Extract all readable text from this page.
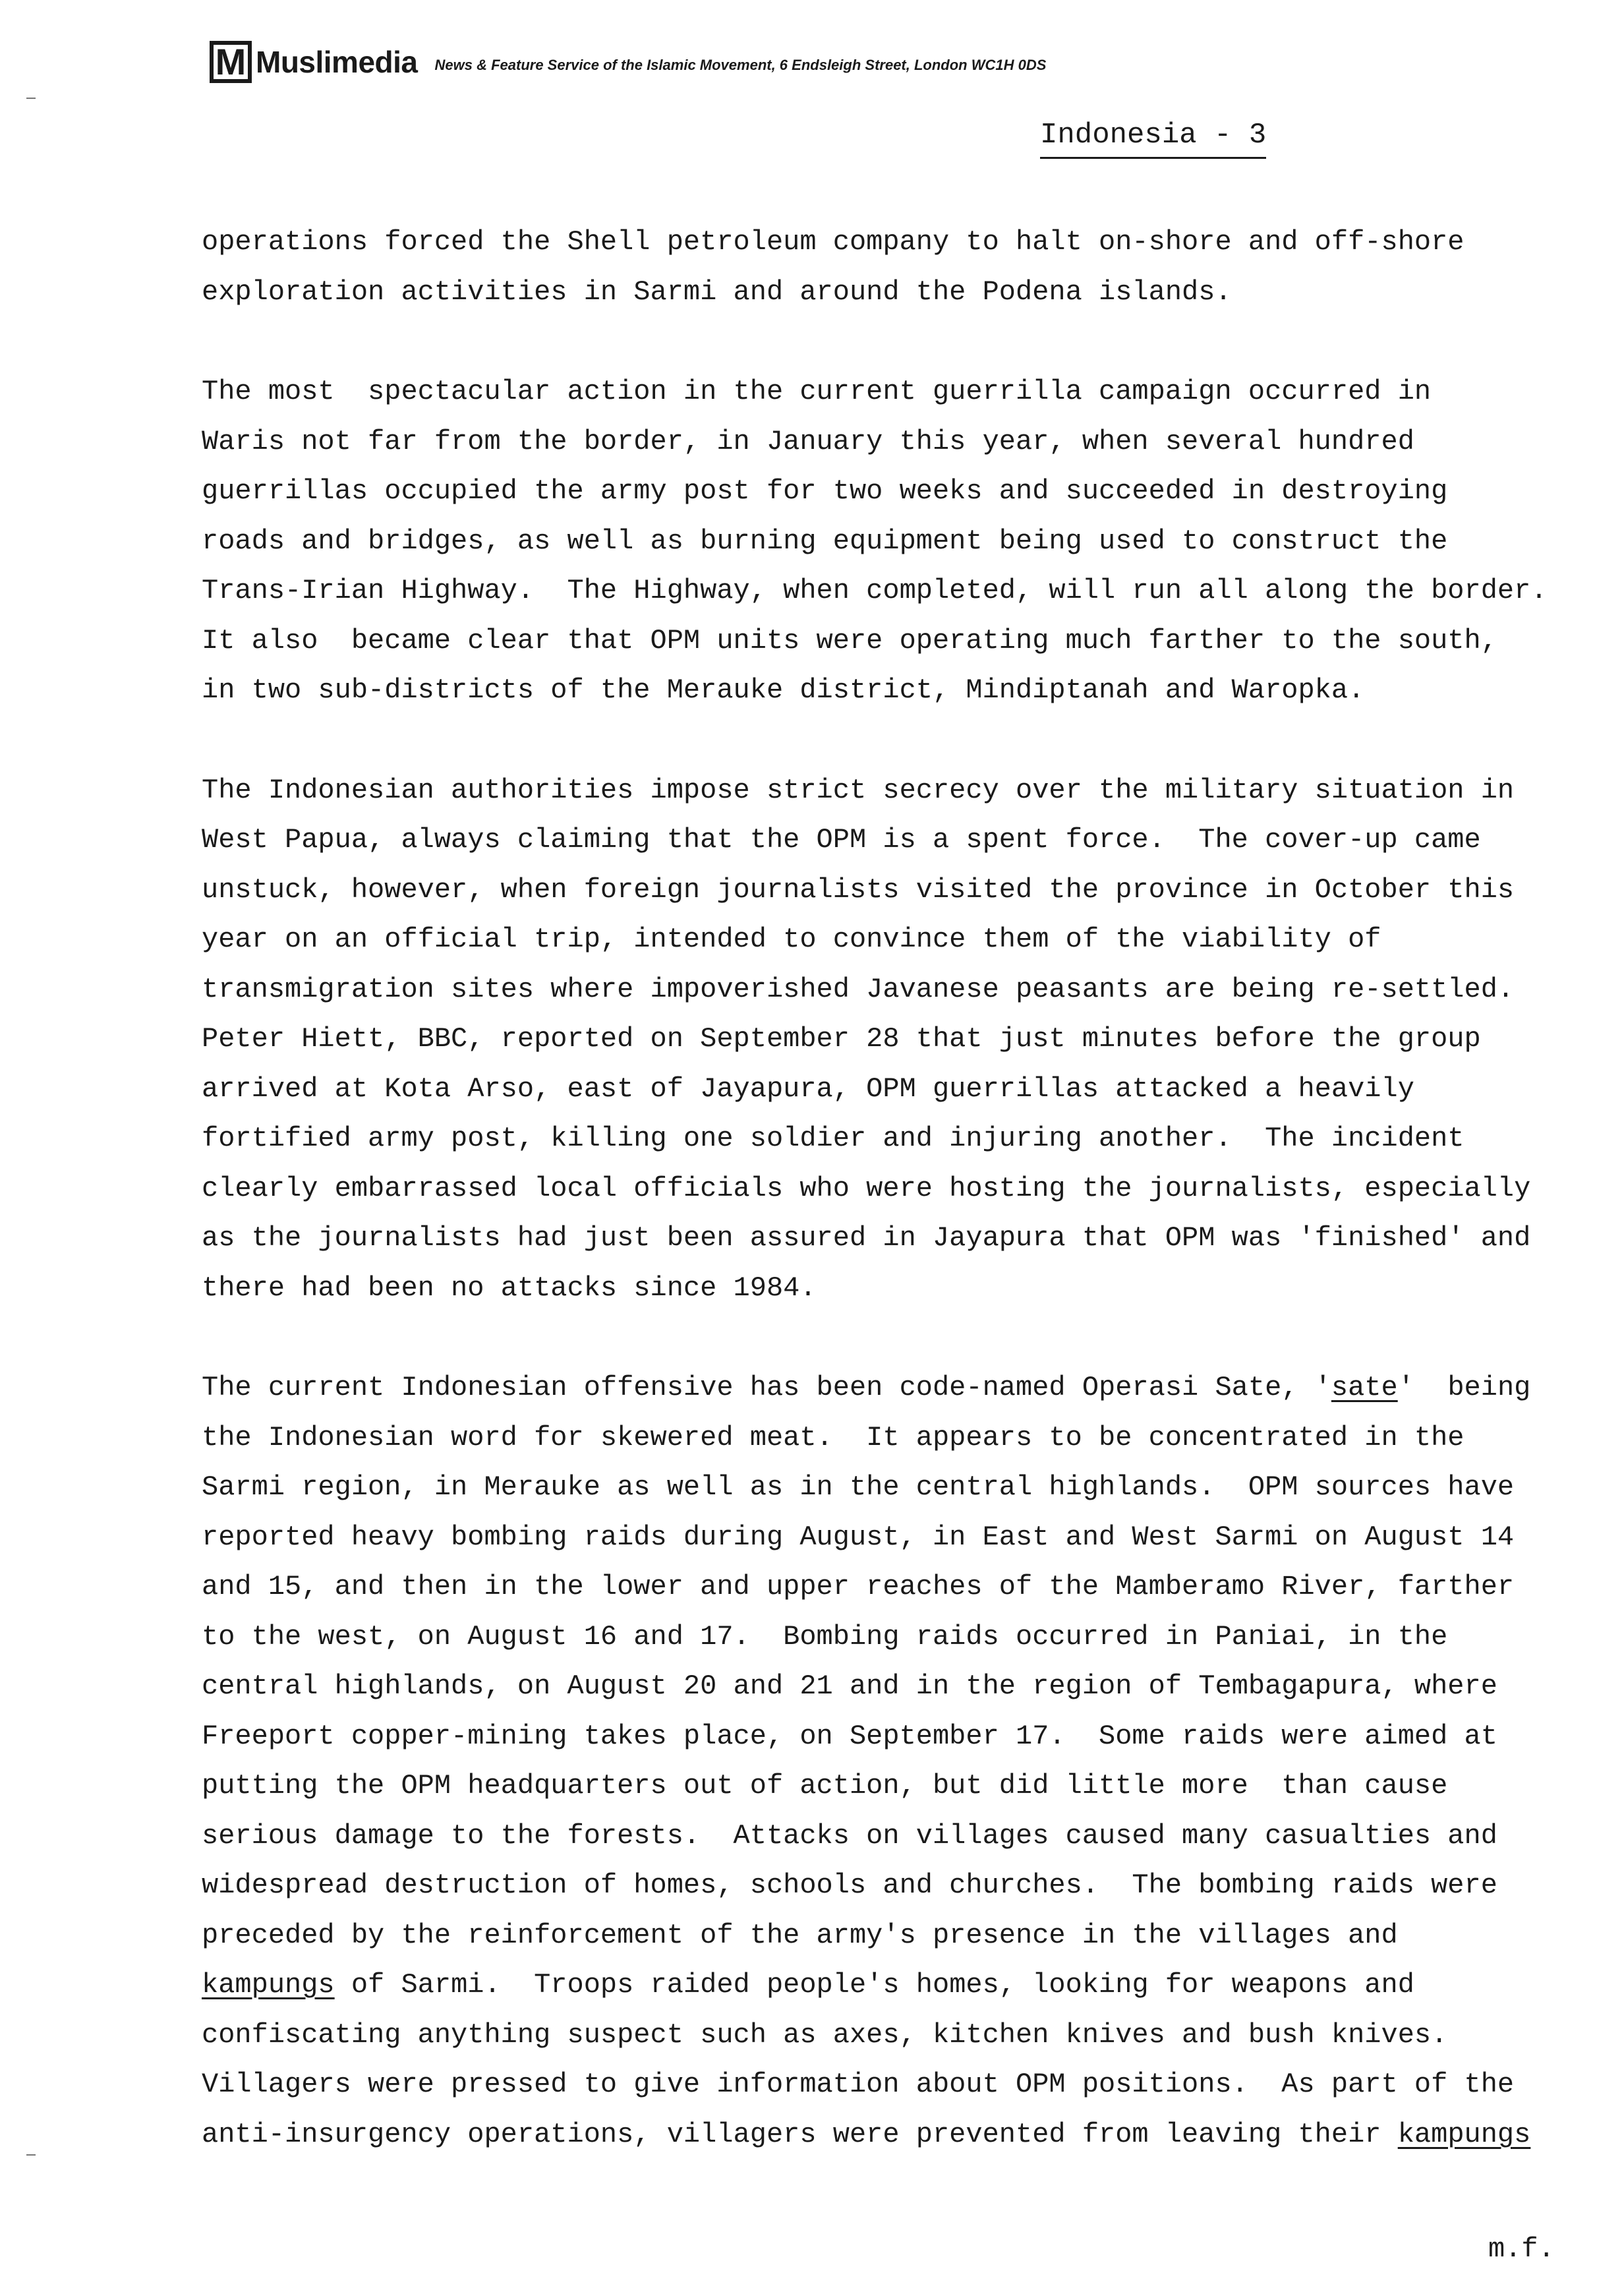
M Muslimedia News & Feature Service of the Islamic Movement, 6 Endsleigh Street, London WC1H 0DS
Indonesia - 3
operations forced the Shell petroleum company to halt on-shore and off-shore
exploration activities in Sarmi and around the Podena islands.
The most  spectacular action in the current guerrilla campaign occurred in
Waris not far from the border, in January this year, when several hundred
guerrillas occupied the army post for two weeks and succeeded in destroying
roads and bridges, as well as burning equipment being used to construct the
Trans-Irian Highway.  The Highway, when completed, will run all along the border.
It also  became clear that OPM units were operating much farther to the south,
in two sub-districts of the Merauke district, Mindiptanah and Waropka.
The Indonesian authorities impose strict secrecy over the military situation in
West Papua, always claiming that the OPM is a spent force.  The cover-up came
unstuck, however, when foreign journalists visited the province in October this
year on an official trip, intended to convince them of the viability of
transmigration sites where impoverished Javanese peasants are being re-settled.
Peter Hiett, BBC, reported on September 28 that just minutes before the group
arrived at Kota Arso, east of Jayapura, OPM guerrillas attacked a heavily
fortified army post, killing one soldier and injuring another.  The incident
clearly embarrassed local officials who were hosting the journalists, especially
as the journalists had just been assured in Jayapura that OPM was 'finished' and
there had been no attacks since 1984.
The current Indonesian offensive has been code-named Operasi Sate, 'sate'  being
the Indonesian word for skewered meat.  It appears to be concentrated in the
Sarmi region, in Merauke as well as in the central highlands.  OPM sources have
reported heavy bombing raids during August, in East and West Sarmi on August 14
and 15, and then in the lower and upper reaches of the Mamberamo River, farther
to the west, on August 16 and 17.  Bombing raids occurred in Paniai, in the
central highlands, on August 20 and 21 and in the region of Tembagapura, where
Freeport copper-mining takes place, on September 17.  Some raids were aimed at
putting the OPM headquarters out of action, but did little more  than cause
serious damage to the forests.  Attacks on villages caused many casualties and
widespread destruction of homes, schools and churches.  The bombing raids were
preceded by the reinforcement of the army's presence in the villages and
kampungs of Sarmi.  Troops raided people's homes, looking for weapons and
confiscating anything suspect such as axes, kitchen knives and bush knives.
Villagers were pressed to give information about OPM positions.  As part of the
anti-insurgency operations, villagers were prevented from leaving their kampungs
m.f.
